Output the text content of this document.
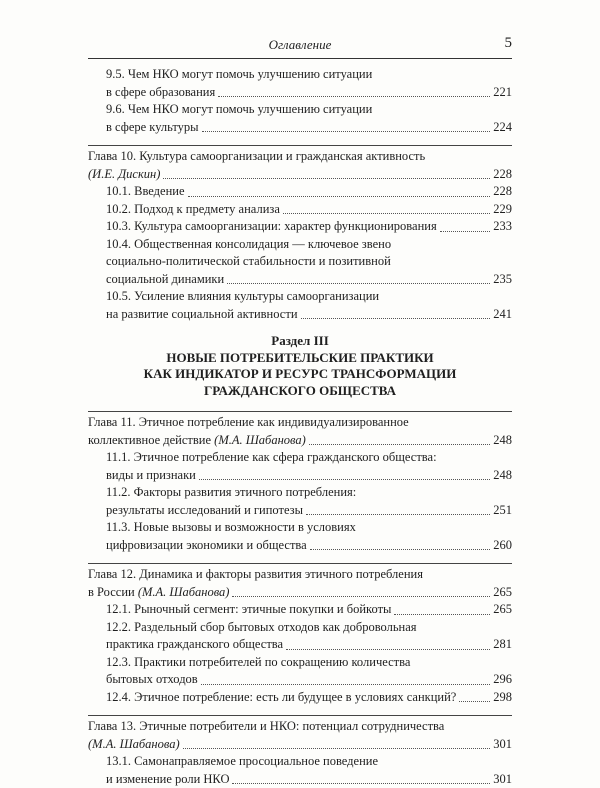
Оглавление	5
9.5. Чем НКО могут помочь улучшению ситуации
в сфере образования	221
9.6. Чем НКО могут помочь улучшению ситуации
в сфере культуры	224
Глава 10. Культура самоорганизации и гражданская активность
(И.Е. Дискин)	228
10.1. Введение	228
10.2. Подход к предмету анализа	229
10.3. Культура самоорганизации: характер функционирования	233
10.4. Общественная консолидация — ключевое звено
социально-политической стабильности и позитивной
социальной динамики	235
10.5. Усиление влияния культуры самоорганизации
на развитие социальной активности	241
Раздел III
НОВЫЕ ПОТРЕБИТЕЛЬСКИЕ ПРАКТИКИ
КАК ИНДИКАТОР И РЕСУРС ТРАНСФОРМАЦИИ
ГРАЖДАНСКОГО ОБЩЕСТВА
Глава 11. Этичное потребление как индивидуализированное
коллективное действие (М.А. Шабанова)	248
11.1. Этичное потребление как сфера гражданского общества:
виды и признаки	248
11.2. Факторы развития этичного потребления:
результаты исследований и гипотезы	251
11.3. Новые вызовы и возможности в условиях
цифровизации экономики и общества	260
Глава 12. Динамика и факторы развития этичного потребления
в России (М.А. Шабанова)	265
12.1. Рыночный сегмент: этичные покупки и бойкоты	265
12.2. Раздельный сбор бытовых отходов как добровольная
практика гражданского общества	281
12.3. Практики потребителей по сокращению количества
бытовых отходов	296
12.4. Этичное потребление: есть ли будущее в условиях санкций?	298
Глава 13. Этичные потребители и НКО: потенциал сотрудничества
(М.А. Шабанова)	301
13.1. Самонаправляемое просоциальное поведение
и изменение роли НКО	301
